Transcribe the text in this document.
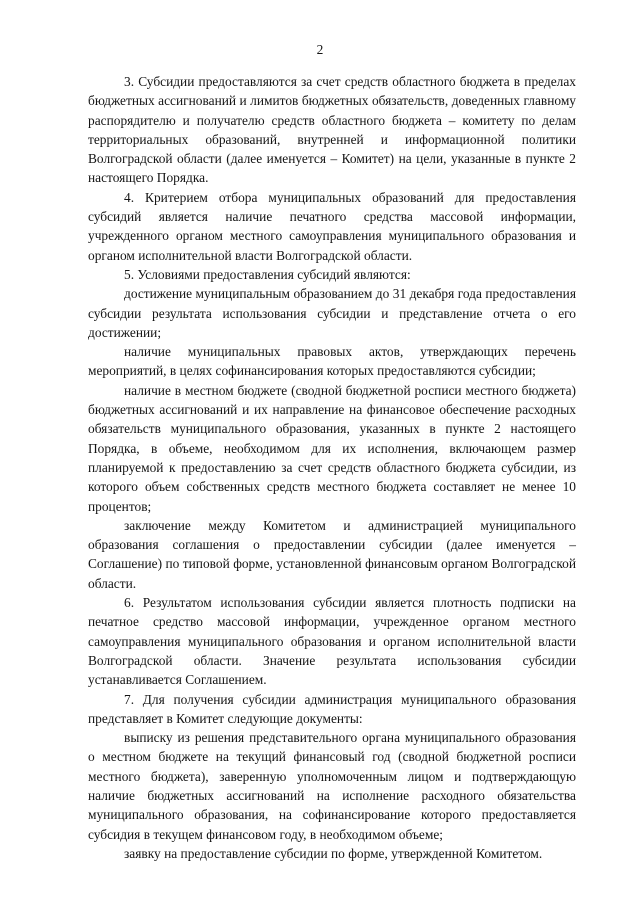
2

3. Субсидии предоставляются за счет средств областного бюджета в пределах бюджетных ассигнований и лимитов бюджетных обязательств, доведенных главному распорядителю и получателю средств областного бюджета – комитету по делам территориальных образований, внутренней и информационной политики Волгоградской области (далее именуется – Комитет) на цели, указанные в пункте 2 настоящего Порядка.

4. Критерием отбора муниципальных образований для предоставления субсидий является наличие печатного средства массовой информации, учрежденного органом местного самоуправления муниципального образования и органом исполнительной власти Волгоградской области.

5. Условиями предоставления субсидий являются:

достижение муниципальным образованием до 31 декабря года предоставления субсидии результата использования субсидии и представление отчета о его достижении;

наличие муниципальных правовых актов, утверждающих перечень мероприятий, в целях софинансирования которых предоставляются субсидии;

наличие в местном бюджете (сводной бюджетной росписи местного бюджета) бюджетных ассигнований и их направление на финансовое обеспечение расходных обязательств муниципального образования, указанных в пункте 2 настоящего Порядка, в объеме, необходимом для их исполнения, включающем размер планируемой к предоставлению за счет средств областного бюджета субсидии, из которого объем собственных средств местного бюджета составляет не менее 10 процентов;

заключение между Комитетом и администрацией муниципального образования соглашения о предоставлении субсидии (далее именуется – Соглашение) по типовой форме, установленной финансовым органом Волгоградской области.

6. Результатом использования субсидии является плотность подписки на печатное средство массовой информации, учрежденное органом местного самоуправления муниципального образования и органом исполнительной власти Волгоградской области. Значение результата использования субсидии устанавливается Соглашением.

7. Для получения субсидии администрация муниципального образования представляет в Комитет следующие документы:

выписку из решения представительного органа муниципального образования о местном бюджете на текущий финансовый год (сводной бюджетной росписи местного бюджета), заверенную уполномоченным лицом и подтверждающую наличие бюджетных ассигнований на исполнение расходного обязательства муниципального образования, на софинансирование которого предоставляется субсидия в текущем финансовом году, в необходимом объеме;

заявку на предоставление субсидии по форме, утвержденной Комитетом.
